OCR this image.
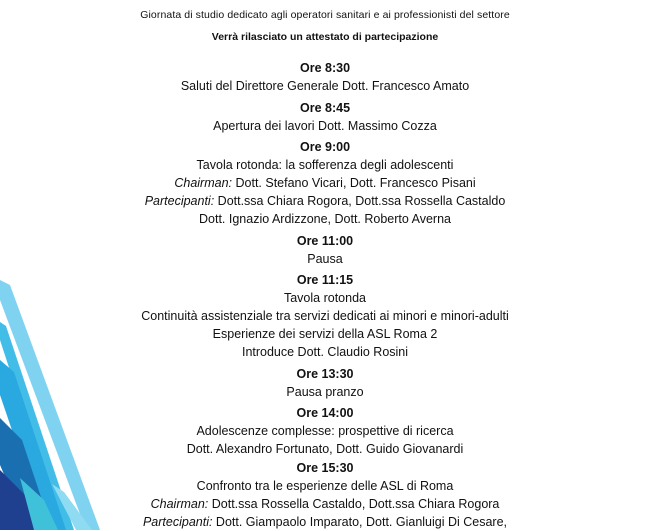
Giornata di studio dedicato agli operatori sanitari e ai professionisti del settore
Verrà rilasciato un attestato di partecipazione
Ore 8:30
Saluti del Direttore Generale Dott. Francesco Amato
Ore 8:45
Apertura dei lavori Dott. Massimo Cozza
Ore 9:00
Tavola rotonda: la sofferenza degli adolescenti
Chairman: Dott. Stefano Vicari, Dott. Francesco Pisani
Partecipanti: Dott.ssa Chiara Rogora, Dott.ssa Rossella Castaldo
Dott. Ignazio Ardizzone, Dott. Roberto Averna
Ore 11:00
Pausa
Ore 11:15
Tavola rotonda
Continuità assistenziale tra servizi dedicati ai minori e minori-adulti
Esperienze dei servizi della ASL Roma 2
Introduce Dott. Claudio Rosini
Ore 13:30
Pausa pranzo
Ore 14:00
Adolescenze complesse: prospettive di ricerca
Dott. Alexandro Fortunato, Dott. Guido Giovanardi
Ore 15:30
Confronto tra le esperienze delle ASL di Roma
Chairman: Dott.ssa Rossella Castaldo, Dott.ssa Chiara Rogora
Partecipanti: Dott. Giampaolo Imparato, Dott. Gianluigi Di Cesare,
